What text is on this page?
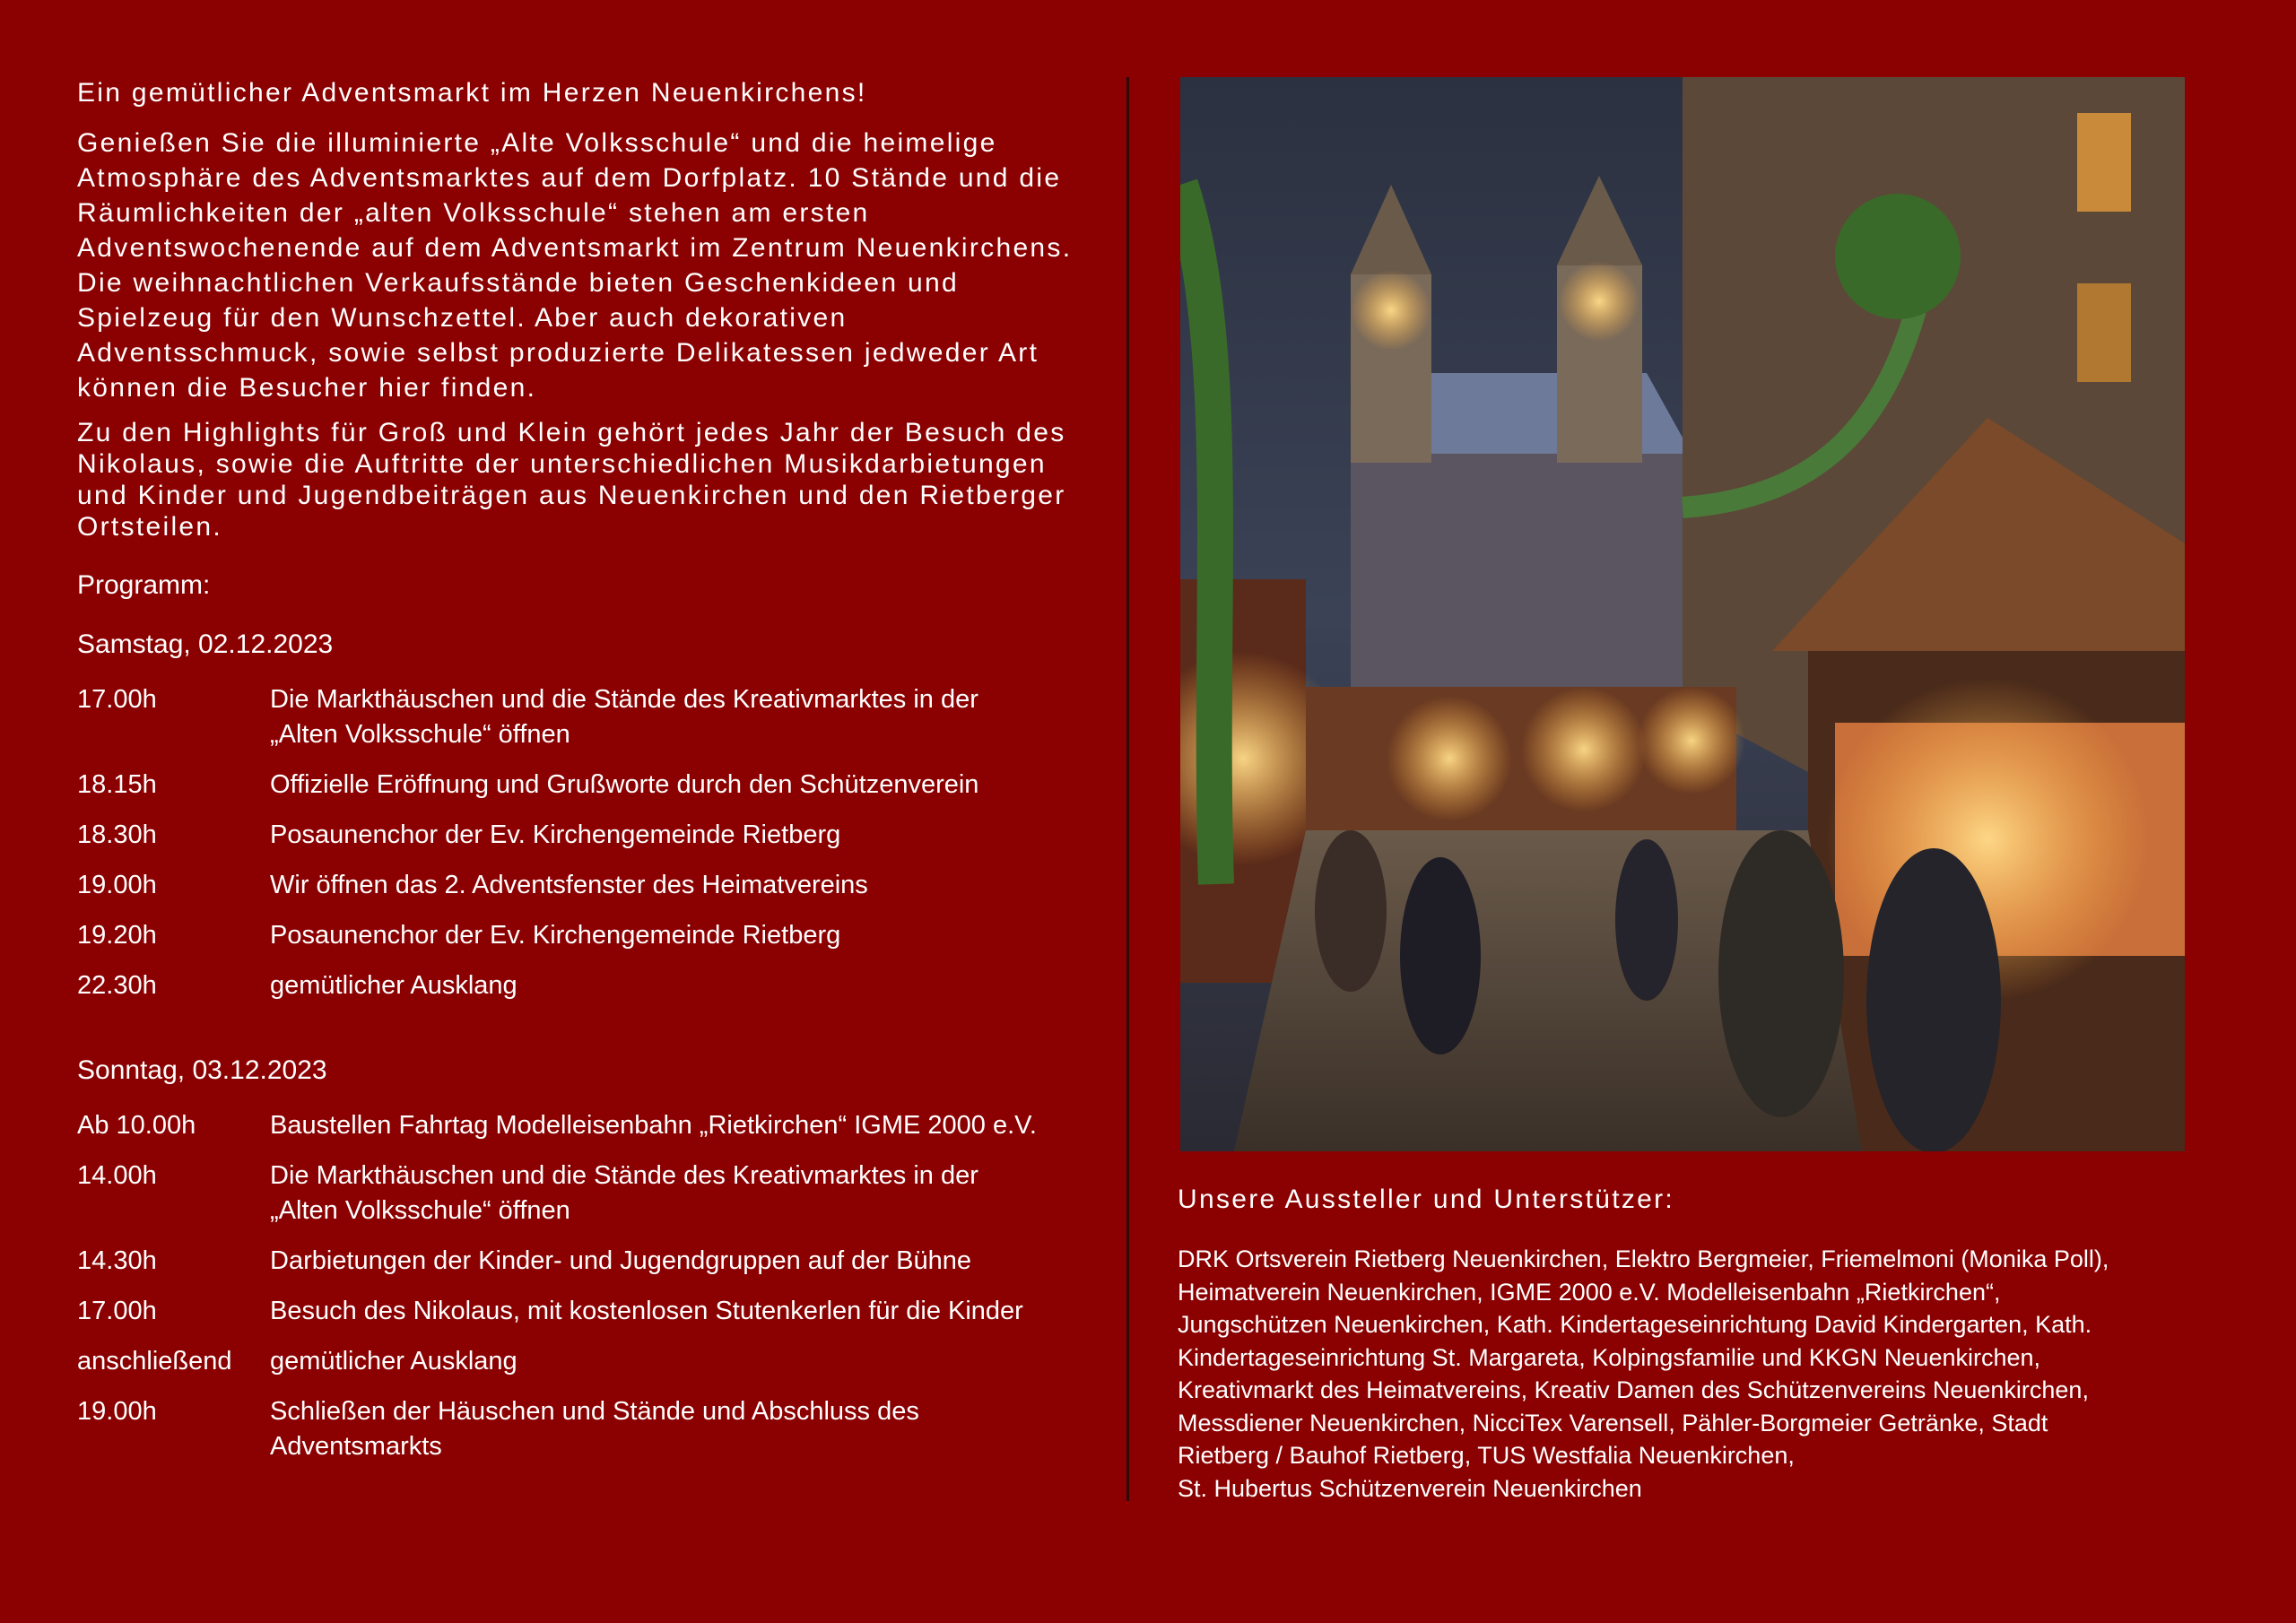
Ein gemütlicher Adventsmarkt im Herzen Neuenkirchens!

Genießen Sie die illuminierte „Alte Volksschule“ und die heimelige
Atmosphäre des Adventsmarktes auf dem Dorfplatz. 10 Stände und die
Räumlichkeiten der „alten Volksschule“ stehen am ersten
Adventswochenende auf dem Adventsmarkt im Zentrum Neuenkirchens.
Die weihnachtlichen Verkaufsstände bieten Geschenkideen und
Spielzeug für den Wunschzettel. Aber auch dekorativen
Adventsschmuck, sowie selbst produzierte Delikatessen jedweder Art
können die Besucher hier finden.

Zu den Highlights für Groß und Klein gehört jedes Jahr der Besuch des
Nikolaus, sowie die Auftritte der unterschiedlichen Musikdarbietungen
und Kinder und Jugendbeiträgen aus Neuenkirchen und den Rietberger
Ortsteilen.

Programm:

Samstag, 02.12.2023

17.00h	Die Markthäuschen und die Stände des Kreativmarktes in der
„Alten Volksschule“ öffnen
18.15h	Offizielle Eröffnung und Grußworte durch den Schützenverein
18.30h	Posaunenchor der Ev. Kirchengemeinde Rietberg
19.00h	Wir öffnen das 2. Adventsfenster des Heimatvereins
19.20h	Posaunenchor der Ev. Kirchengemeinde Rietberg
22.30h	gemütlicher Ausklang

Sonntag, 03.12.2023

Ab 10.00h	Baustellen Fahrtag Modelleisenbahn „Rietkirchen“ IGME 2000 e.V.
14.00h	Die Markthäuschen und die Stände des Kreativmarktes in der
„Alten Volksschule“ öffnen
14.30h	Darbietungen der Kinder- und Jugendgruppen auf der Bühne
17.00h	Besuch des Nikolaus, mit kostenlosen Stutenkerlen für die Kinder
anschließend	gemütlicher Ausklang
19.00h	Schließen der Häuschen und Stände und Abschluss des
Adventsmarkts

Unsere Aussteller und Unterstützer:

DRK Ortsverein Rietberg Neuenkirchen, Elektro Bergmeier, Friemelmoni (Monika Poll),
Heimatverein Neuenkirchen, IGME 2000 e.V. Modelleisenbahn „Rietkirchen“,
Jungschützen Neuenkirchen, Kath. Kindertageseinrichtung David Kindergarten, Kath.
Kindertageseinrichtung St. Margareta, Kolpingsfamilie und KKGN Neuenkirchen,
Kreativmarkt des Heimatvereins, Kreativ Damen des Schützenvereins Neuenkirchen,
Messdiener Neuenkirchen, NicciTex Varensell, Pähler-Borgmeier Getränke, Stadt
Rietberg / Bauhof Rietberg, TUS Westfalia Neuenkirchen,
St. Hubertus Schützenverein Neuenkirchen
